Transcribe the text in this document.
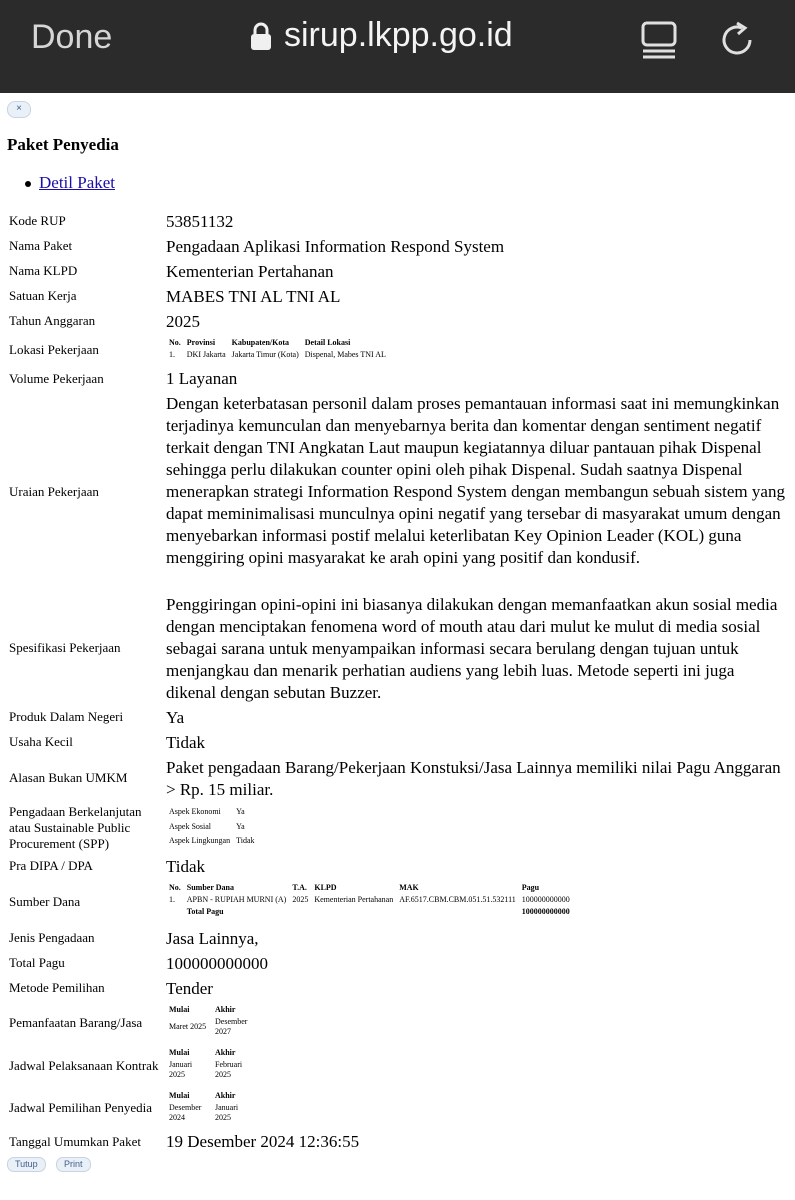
Done	sirup.lkpp.go.id
×
Paket Penyedia
Detil Paket
Kode RUP	53851132
Nama Paket	Pengadaan Aplikasi Information Respond System
Nama KLPD	Kementerian Pertahanan
Satuan Kerja	MABES TNI AL TNI AL
Tahun Anggaran	2025
Lokasi Pekerjaan	No.	Provinsi	Kabupaten/Kota	Detail Lokasi
1.	DKI Jakarta	Jakarta Timur (Kota)	Dispenal, Mabes TNI AL
Volume Pekerjaan	1 Layanan
Uraian Pekerjaan
Dengan keterbatasan personil dalam proses pemantauan informasi saat ini memungkinkan terjadinya kemunculan dan menyebarnya berita dan komentar dengan sentiment negatif terkait dengan TNI Angkatan Laut maupun kegiatannya diluar pantauan pihak Dispenal sehingga perlu dilakukan counter opini oleh pihak Dispenal. Sudah saatnya Dispenal menerapkan strategi Information Respond System dengan membangun sebuah sistem yang dapat meminimalisasi munculnya opini negatif yang tersebar di masyarakat umum dengan menyebarkan informasi postif melalui keterlibatan Key Opinion Leader (KOL) guna menggiring opini masyarakat ke arah opini yang positif dan kondusif.
Spesifikasi Pekerjaan
Penggiringan opini-opini ini biasanya dilakukan dengan memanfaatkan akun sosial media dengan menciptakan fenomena word of mouth atau dari mulut ke mulut di media sosial sebagai sarana untuk menyampaikan informasi secara berulang dengan tujuan untuk menjangkau dan menarik perhatian audiens yang lebih luas. Metode seperti ini juga dikenal dengan sebutan Buzzer.
Produk Dalam Negeri	Ya
Usaha Kecil	Tidak
Alasan Bukan UMKM
Paket pengadaan Barang/Pekerjaan Konstuksi/Jasa Lainnya memiliki nilai Pagu Anggaran > Rp. 15 miliar.
Pengadaan Berkelanjutan atau Sustainable Public Procurement (SPP)
Aspek Ekonomi	Ya
Aspek Sosial	Ya
Aspek Lingkungan	Tidak
Pra DIPA / DPA	Tidak
Sumber Dana
No.	Sumber Dana	T.A.	KLPD	MAK	Pagu
1.	APBN - RUPIAH MURNI (A)	2025	Kementerian Pertahanan	AF.6517.CBM.CBM.051.51.532111	100000000000
	Total Pagu				100000000000
Jenis Pengadaan	Jasa Lainnya,
Total Pagu	100000000000
Metode Pemilihan	Tender
Pemanfaatan Barang/Jasa
Mulai	Akhir
Maret 2025	Desember 2027
Jadwal Pelaksanaan Kontrak
Mulai	Akhir
Januari 2025	Februari 2025
Jadwal Pemilihan Penyedia
Mulai	Akhir
Desember 2024	Januari 2025
Tanggal Umumkan Paket	19 Desember 2024 12:36:55
Tutup	Print
